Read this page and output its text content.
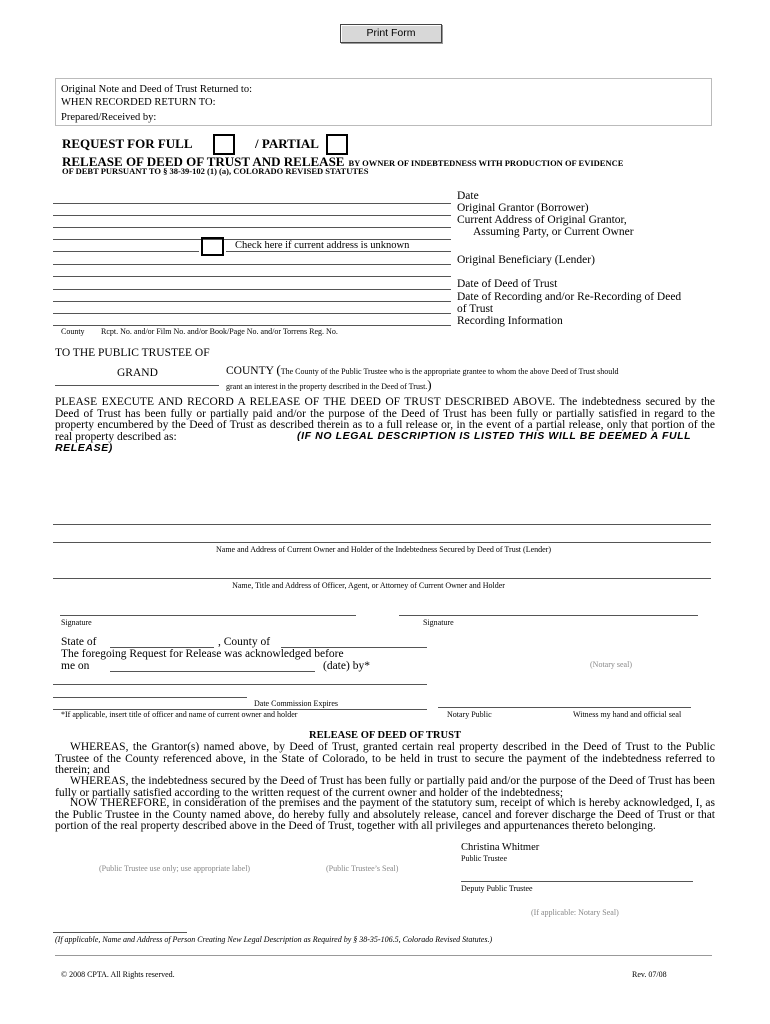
Print Form
Original Note and Deed of Trust Returned to:
WHEN RECORDED RETURN TO:
Prepared/Received by:
REQUEST FOR FULL	/ PARTIAL
RELEASE OF DEED OF TRUST AND RELEASE BY OWNER OF INDEBTEDNESS WITH PRODUCTION OF EVIDENCE
OF DEBT PURSUANT TO § 38-39-102 (1) (a), COLORADO REVISED STATUTES
Check here if current address is unknown
County Rcpt. No. and/or Film No. and/or Book/Page No. and/or Torrens Reg. No.
Date
Original Grantor (Borrower)
Current Address of Original Grantor,
Assuming Party, or Current Owner
Original Beneficiary (Lender)
Date of Deed of Trust
Date of Recording and/or Re-Recording of Deed
of Trust
Recording Information
TO THE PUBLIC TRUSTEE OF
GRAND	COUNTY (The County of the Public Trustee who is the appropriate grantee to whom the above Deed of Trust should
grant an interest in the property described in the Deed of Trust.)
PLEASE EXECUTE AND RECORD A RELEASE OF THE DEED OF TRUST DESCRIBED ABOVE. The indebtedness secured by the Deed of Trust has been fully or partially paid and/or the purpose of the Deed of Trust has been fully or partially satisfied in regard to the property encumbered by the Deed of Trust as described therein as to a full release or, in the event of a partial release, only that portion of the real property described as:	(IF NO LEGAL DESCRIPTION IS LISTED THIS WILL BE DEEMED A FULL RELEASE)
Name and Address of Current Owner and Holder of the Indebtedness Secured by Deed of Trust (Lender)
Name, Title and Address of Officer, Agent, or Attorney of Current Owner and Holder
Signature	Signature
State of	, County of
The foregoing Request for Release was acknowledged before
me on	(date) by*	(Notary seal)
Date Commission Expires
*If applicable, insert title of officer and name of current owner and holder	Notary Public	Witness my hand and official seal
RELEASE OF DEED OF TRUST
WHEREAS, the Grantor(s) named above, by Deed of Trust, granted certain real property described in the Deed of Trust to the Public Trustee of the County referenced above, in the State of Colorado, to be held in trust to secure the payment of the indebtedness referred to therein; and
WHEREAS, the indebtedness secured by the Deed of Trust has been fully or partially paid and/or the purpose of the Deed of Trust has been fully or partially satisfied according to the written request of the current owner and holder of the indebtedness;
NOW THEREFORE, in consideration of the premises and the payment of the statutory sum, receipt of which is hereby acknowledged, I, as the Public Trustee in the County named above, do hereby fully and absolutely release, cancel and forever discharge the Deed of Trust or that portion of the real property described above in the Deed of Trust, together with all privileges and appurtenances thereto belonging.
Christina Whitmer
Public Trustee
(Public Trustee use only; use appropriate label)	(Public Trustee’s Seal)
Deputy Public Trustee
(If applicable: Notary Seal)
(If applicable, Name and Address of Person Creating New Legal Description as Required by § 38-35-106.5, Colorado Revised Statutes.)
© 2008 CPTA. All Rights reserved.	Rev. 07/08
